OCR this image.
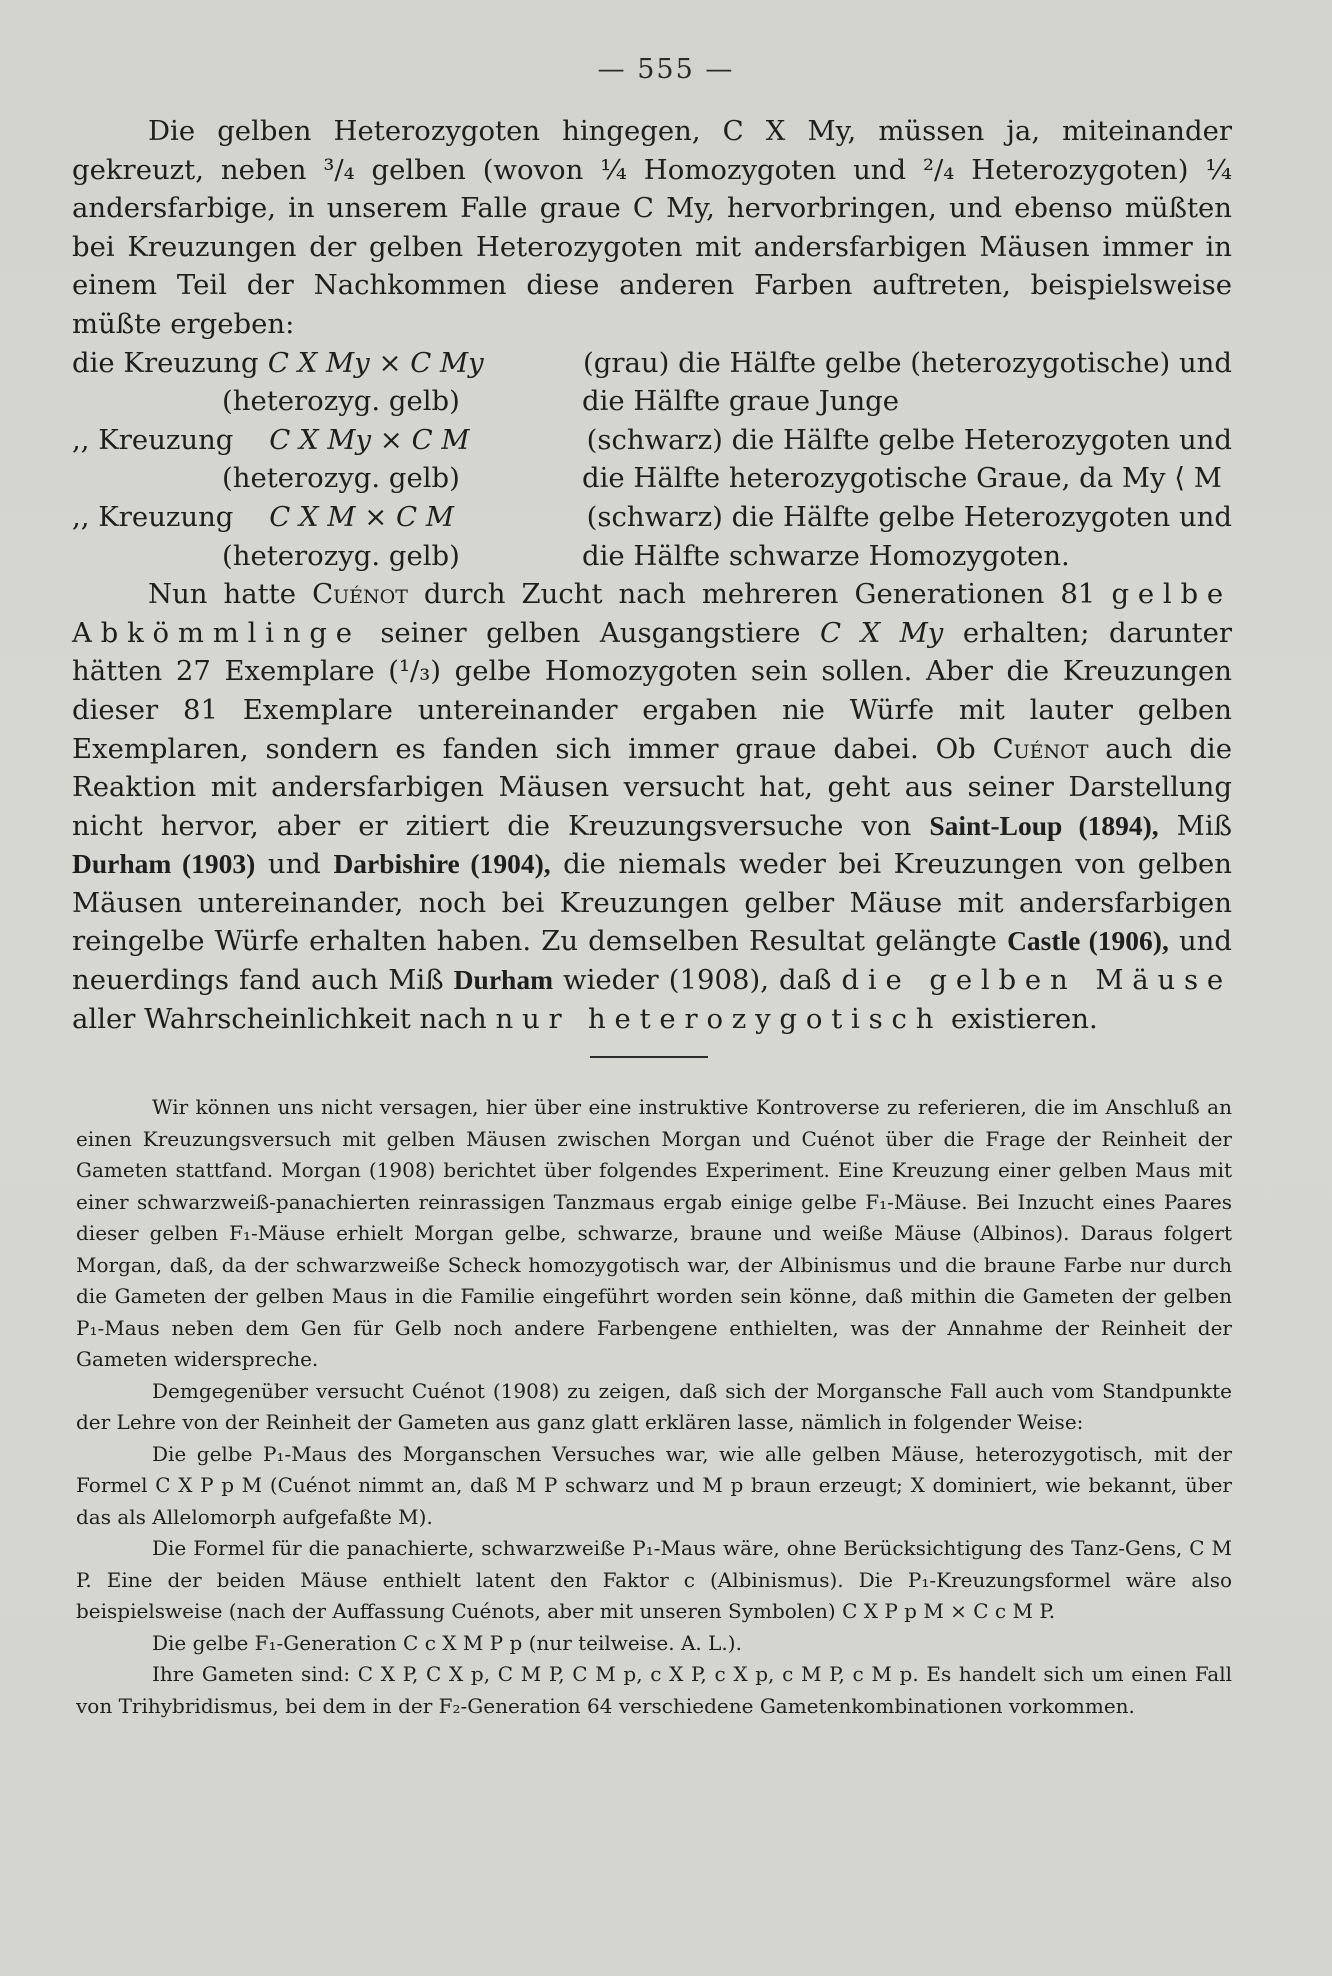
— 555 —

Die gelben Heterozygoten hingegen, C X My, müssen ja, miteinander gekreuzt, neben ³/₄ gelben (wovon ¼ Homozygoten und ²/₄ Heterozygoten) ¼ andersfarbige, in unserem Falle graue C My, hervorbringen, und ebenso müßten bei Kreuzungen der gelben Heterozygoten mit andersfarbigen Mäusen immer in einem Teil der Nachkommen diese anderen Farben auftreten, beispielsweise müßte ergeben:

die Kreuzung C X My × C My	(grau) die Hälfte gelbe (heterozygotische) und
(heterozyg. gelb)	die Hälfte graue Junge
,, Kreuzung	C X My × C M	(schwarz) die Hälfte gelbe Heterozygoten und
(heterozyg. gelb)	die Hälfte heterozygotische Graue, da My ⟨ M
,, Kreuzung	C X M × C M	(schwarz) die Hälfte gelbe Heterozygoten und
(heterozyg. gelb)	die Hälfte schwarze Homozygoten.

Nun hatte Cuénot durch Zucht nach mehreren Generationen 81 gelbe Abkömmlinge seiner gelben Ausgangstiere C X My erhalten; darunter hätten 27 Exemplare (¹/₃) gelbe Homozygoten sein sollen. Aber die Kreuzungen dieser 81 Exemplare untereinander ergaben nie Würfe mit lauter gelben Exemplaren, sondern es fanden sich immer graue dabei. Ob Cuénot auch die Reaktion mit andersfarbigen Mäusen versucht hat, geht aus seiner Darstellung nicht hervor, aber er zitiert die Kreuzungsversuche von Saint-Loup (1894), Miß Durham (1903) und Darbishire (1904), die niemals weder bei Kreuzungen von gelben Mäusen untereinander, noch bei Kreuzungen gelber Mäuse mit andersfarbigen reingelbe Würfe erhalten haben. Zu demselben Resultat gelängte Castle (1906), und neuerdings fand auch Miß Durham wieder (1908), daß die gelben Mäuse aller Wahrscheinlichkeit nach nur heterozygotisch existieren.

Wir können uns nicht versagen, hier über eine instruktive Kontroverse zu referieren, die im Anschluß an einen Kreuzungsversuch mit gelben Mäusen zwischen Morgan und Cuénot über die Frage der Reinheit der Gameten stattfand. Morgan (1908) berichtet über folgendes Experiment. Eine Kreuzung einer gelben Maus mit einer schwarzweiß-panachierten reinrassigen Tanzmaus ergab einige gelbe F₁-Mäuse. Bei Inzucht eines Paares dieser gelben F₁-Mäuse erhielt Morgan gelbe, schwarze, braune und weiße Mäuse (Albinos). Daraus folgert Morgan, daß, da der schwarzweiße Scheck homozygotisch war, der Albinismus und die braune Farbe nur durch die Gameten der gelben Maus in die Familie eingeführt worden sein könne, daß mithin die Gameten der gelben P₁-Maus neben dem Gen für Gelb noch andere Farbengene enthielten, was der Annahme der Reinheit der Gameten widerspreche.

Demgegenüber versucht Cuénot (1908) zu zeigen, daß sich der Morgansche Fall auch vom Standpunkte der Lehre von der Reinheit der Gameten aus ganz glatt erklären lasse, nämlich in folgender Weise:

Die gelbe P₁-Maus des Morganschen Versuches war, wie alle gelben Mäuse, heterozygotisch, mit der Formel C X P p M (Cuénot nimmt an, daß M P schwarz und M p braun erzeugt; X dominiert, wie bekannt, über das als Allelomorph aufgefaßte M).

Die Formel für die panachierte, schwarzweiße P₁-Maus wäre, ohne Berücksichtigung des Tanz-Gens, C M P. Eine der beiden Mäuse enthielt latent den Faktor c (Albinismus). Die P₁-Kreuzungsformel wäre also beispielsweise (nach der Auffassung Cuénots, aber mit unseren Symbolen) C X P p M × C c M P.

Die gelbe F₁-Generation C c X M P p (nur teilweise. A. L.).

Ihre Gameten sind: C X P, C X p, C M P, C M p, c X P, c X p, c M P, c M p. Es handelt sich um einen Fall von Trihybridismus, bei dem in der F₂-Generation 64 verschiedene Gametenkombinationen vorkommen.
